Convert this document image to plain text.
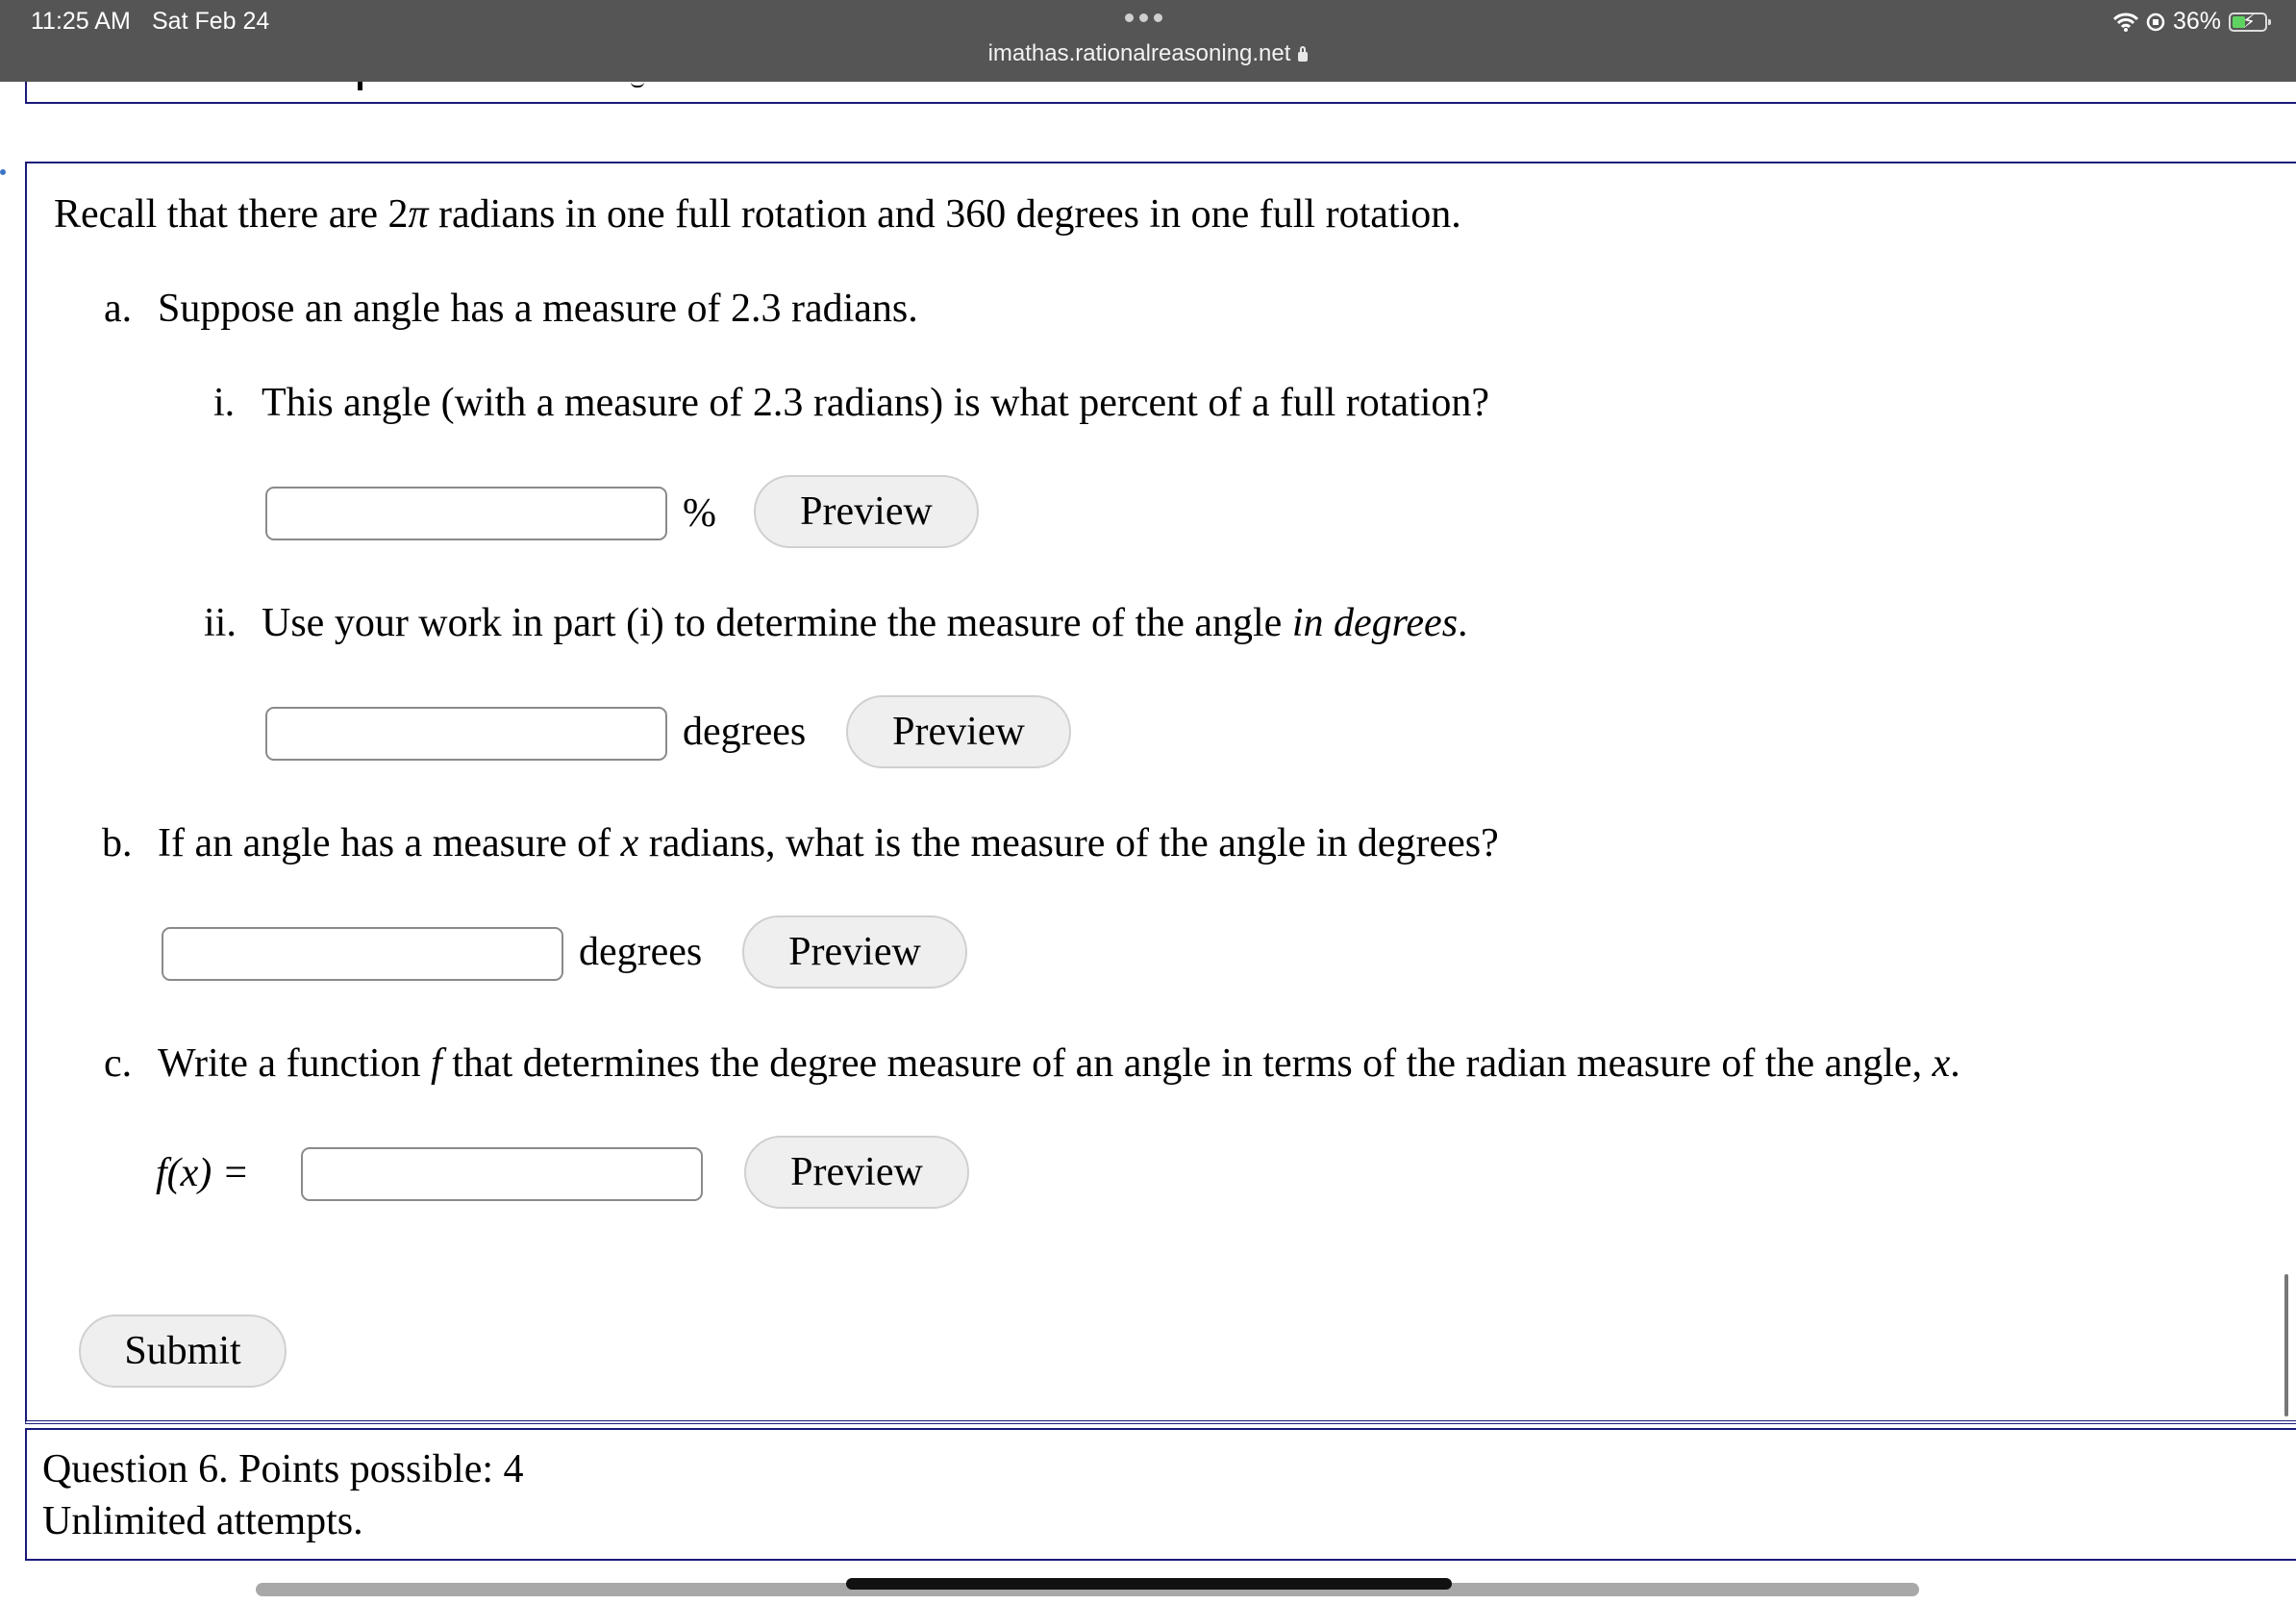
11:25 AM Sat Feb 24
imathas.rationalreasoning.net
36% ⚡
Recall that there are 2π radians in one full rotation and 360 degrees in one full rotation.
a. Suppose an angle has a measure of 2.3 radians.
i. This angle (with a measure of 2.3 radians) is what percent of a full rotation?
%	Preview
ii. Use your work in part (i) to determine the measure of the angle in degrees.
degrees	Preview
b. If an angle has a measure of x radians, what is the measure of the angle in degrees?
degrees	Preview
c. Write a function f that determines the degree measure of an angle in terms of the radian measure of the angle, x.
f(x) =	Preview
Submit
Question 6. Points possible: 4
Unlimited attempts.
